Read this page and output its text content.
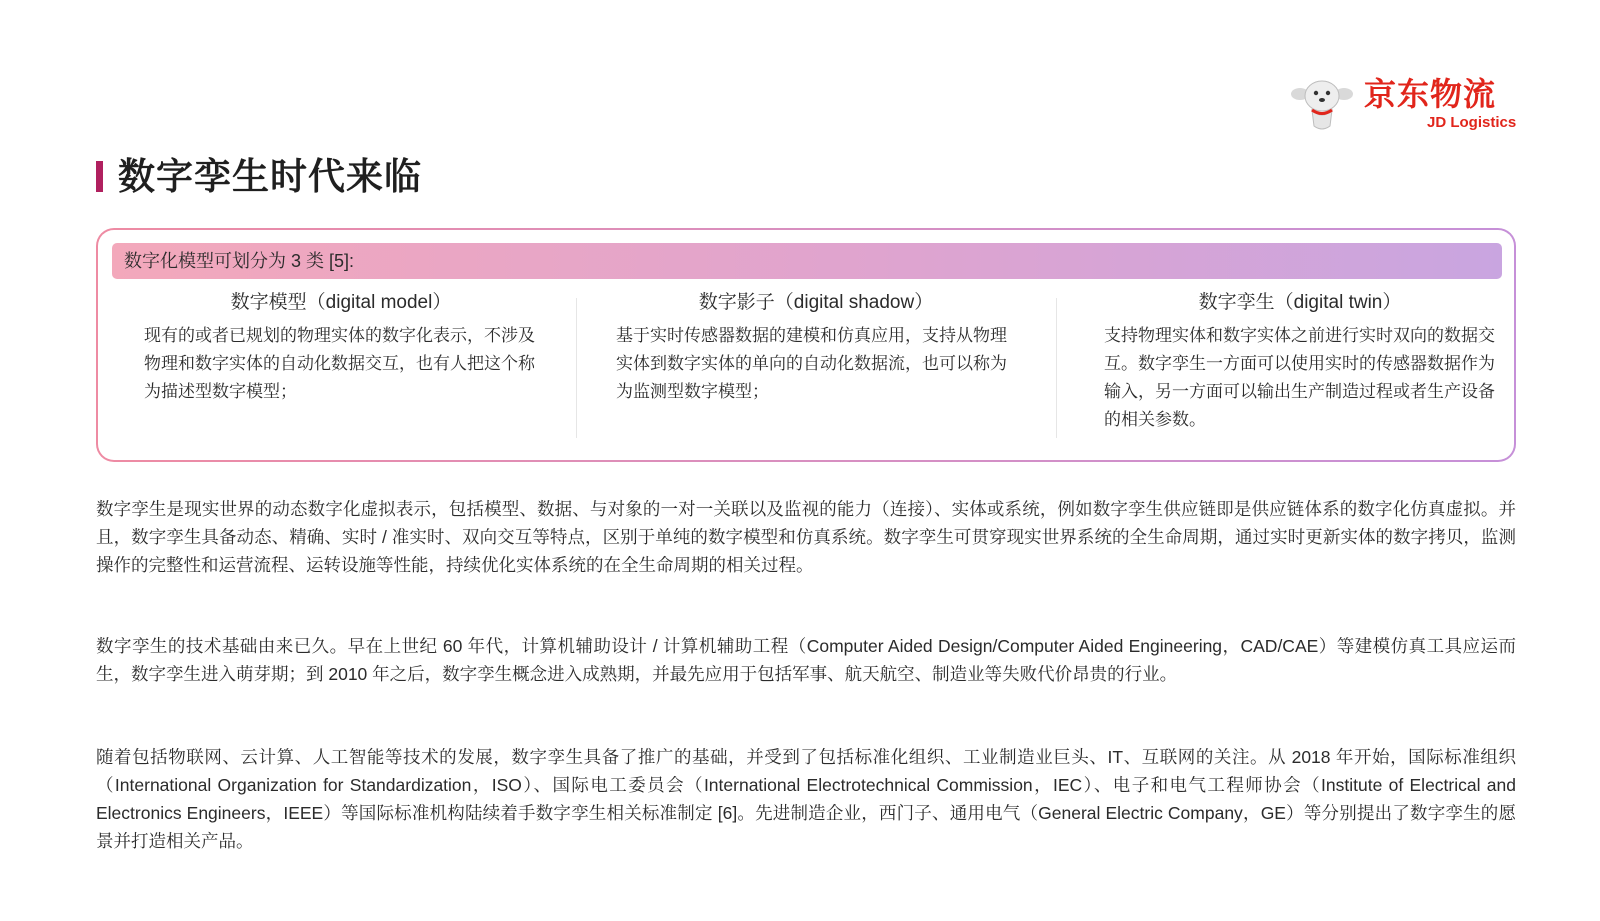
京东物流
JD Logistics
数字孪生时代来临
数字化模型可划分为 3 类 [5]:
数字模型（digital model）
现有的或者已规划的物理实体的数字化表示，不涉及物理和数字实体的自动化数据交互，也有人把这个称为描述型数字模型；
数字影子（digital shadow）
基于实时传感器数据的建模和仿真应用，支持从物理实体到数字实体的单向的自动化数据流，也可以称为为监测型数字模型；
数字孪生（digital twin）
支持物理实体和数字实体之前进行实时双向的数据交互。数字孪生一方面可以使用实时的传感器数据作为输入，另一方面可以输出生产制造过程或者生产设备的相关参数。

数字孪生是现实世界的动态数字化虚拟表示，包括模型、数据、与对象的一对一关联以及监视的能力（连接）、实体或系统，例如数字孪生供应链即是供应链体系的数字化仿真虚拟。并且，数字孪生具备动态、精确、实时 / 准实时、双向交互等特点，区别于单纯的数字模型和仿真系统。数字孪生可贯穿现实世界系统的全生命周期，通过实时更新实体的数字拷贝，监测操作的完整性和运营流程、运转设施等性能，持续优化实体系统的在全生命周期的相关过程。

数字孪生的技术基础由来已久。早在上世纪 60 年代，计算机辅助设计 / 计算机辅助工程（Computer Aided Design/Computer Aided Engineering，CAD/CAE）等建模仿真工具应运而生，数字孪生进入萌芽期；到 2010 年之后，数字孪生概念进入成熟期，并最先应用于包括军事、航天航空、制造业等失败代价昂贵的行业。

随着包括物联网、云计算、人工智能等技术的发展，数字孪生具备了推广的基础，并受到了包括标准化组织、工业制造业巨头、IT、互联网的关注。从 2018 年开始，国际标准组织（International Organization for Standardization，ISO）、国际电工委员会（International Electrotechnical Commission，IEC）、电子和电气工程师协会（Institute of Electrical and Electronics Engineers，IEEE）等国际标准机构陆续着手数字孪生相关标准制定 [6]。先进制造企业，西门子、通用电气（General Electric Company，GE）等分别提出了数字孪生的愿景并打造相关产品。
